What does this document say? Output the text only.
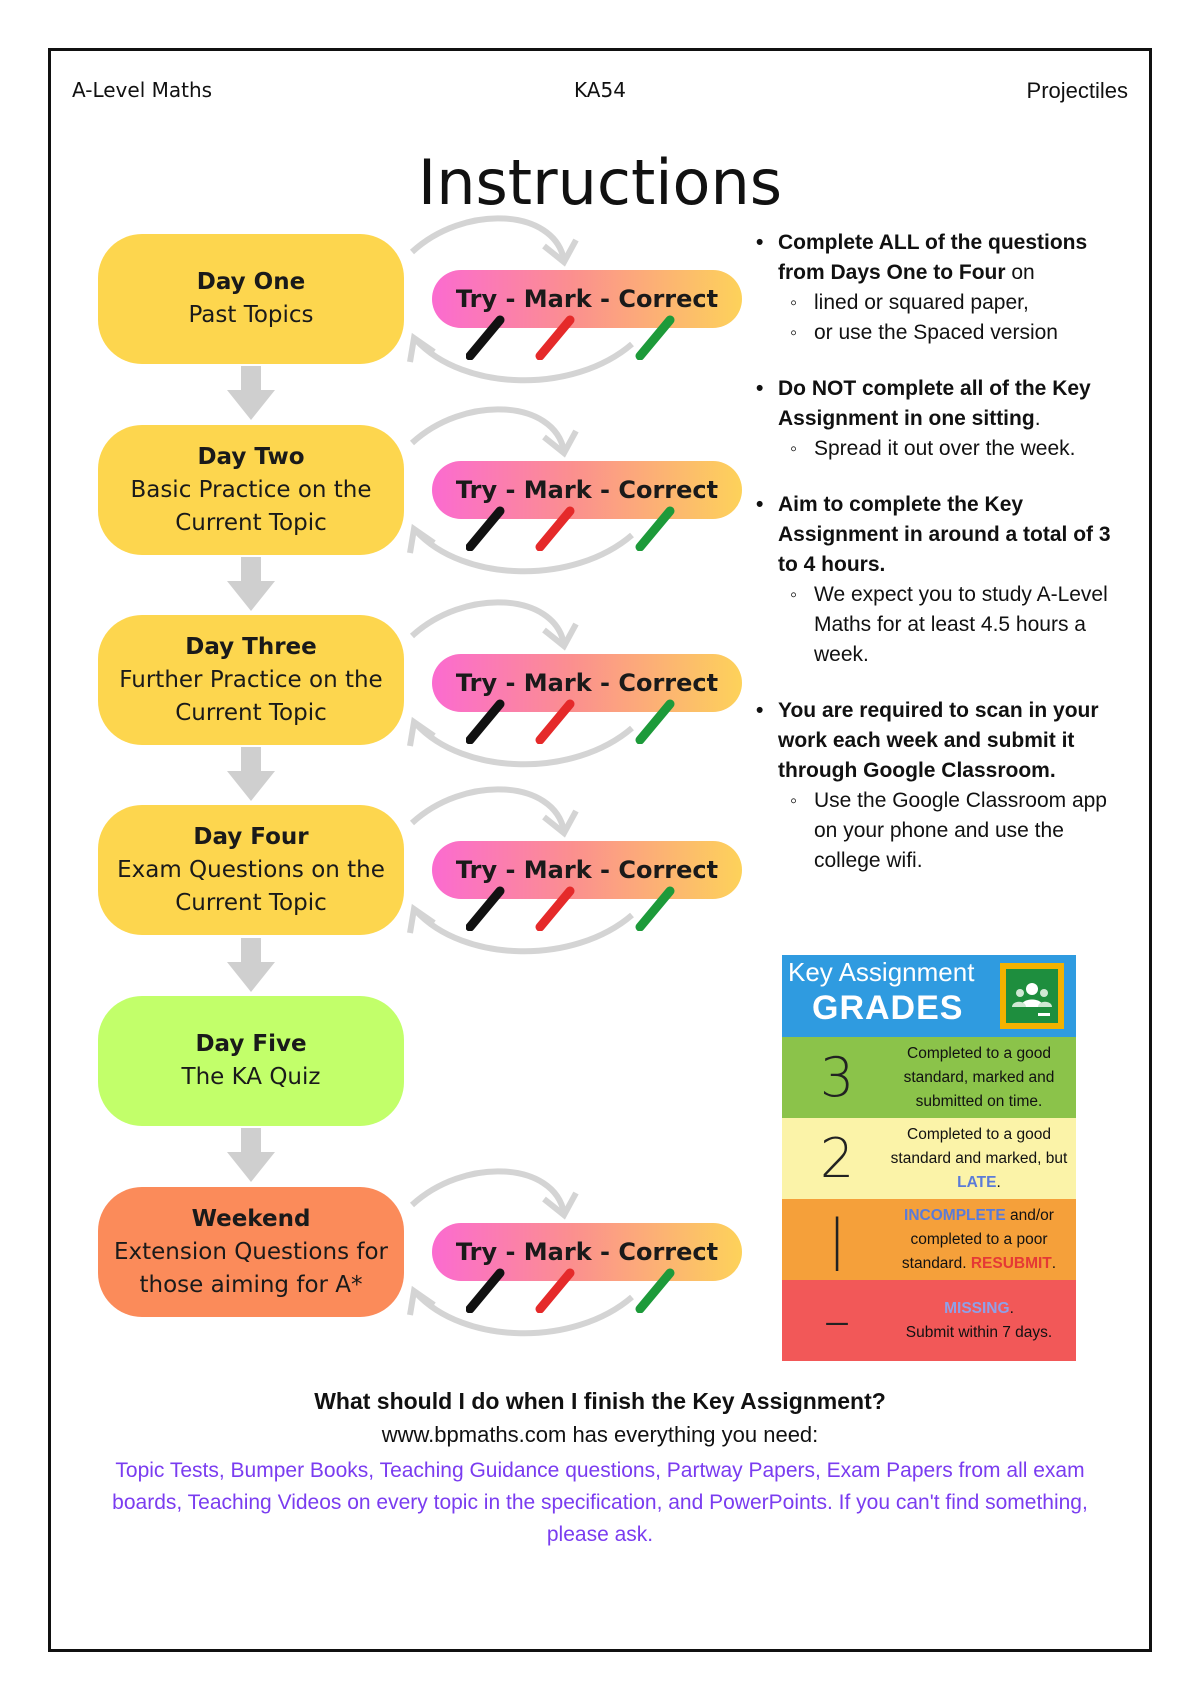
A-Level Maths	KA54	Projectiles
Instructions
Day One
Past Topics
Day Two
Basic Practice on the Current Topic
Day Three
Further Practice on the Current Topic
Day Four
Exam Questions on the Current Topic
Day Five
The KA Quiz
Weekend
Extension Questions for those aiming for A*
Try - Mark - Correct
Try - Mark - Correct
Try - Mark - Correct
Try - Mark - Correct
Try - Mark - Correct
• Complete ALL of the questions from Days One to Four on
◦ lined or squared paper,
◦ or use the Spaced version
• Do NOT complete all of the Key Assignment in one sitting.
◦ Spread it out over the week.
• Aim to complete the Key Assignment in around a total of 3 to 4 hours.
◦ We expect you to study A-Level Maths for at least 4.5 hours a week.
• You are required to scan in your work each week and submit it through Google Classroom.
◦ Use the Google Classroom app on your phone and use the college wifi.
Key Assignment
GRADES
3	Completed to a good standard, marked and submitted on time.
2	Completed to a good standard and marked, but LATE.
|	INCOMPLETE and/or completed to a poor standard. RESUBMIT.
–	MISSING.
Submit within 7 days.
What should I do when I finish the Key Assignment?
www.bpmaths.com has everything you need:
Topic Tests, Bumper Books, Teaching Guidance questions, Partway Papers, Exam Papers from all exam boards, Teaching Videos on every topic in the specification, and PowerPoints. If you can't find something, please ask.
